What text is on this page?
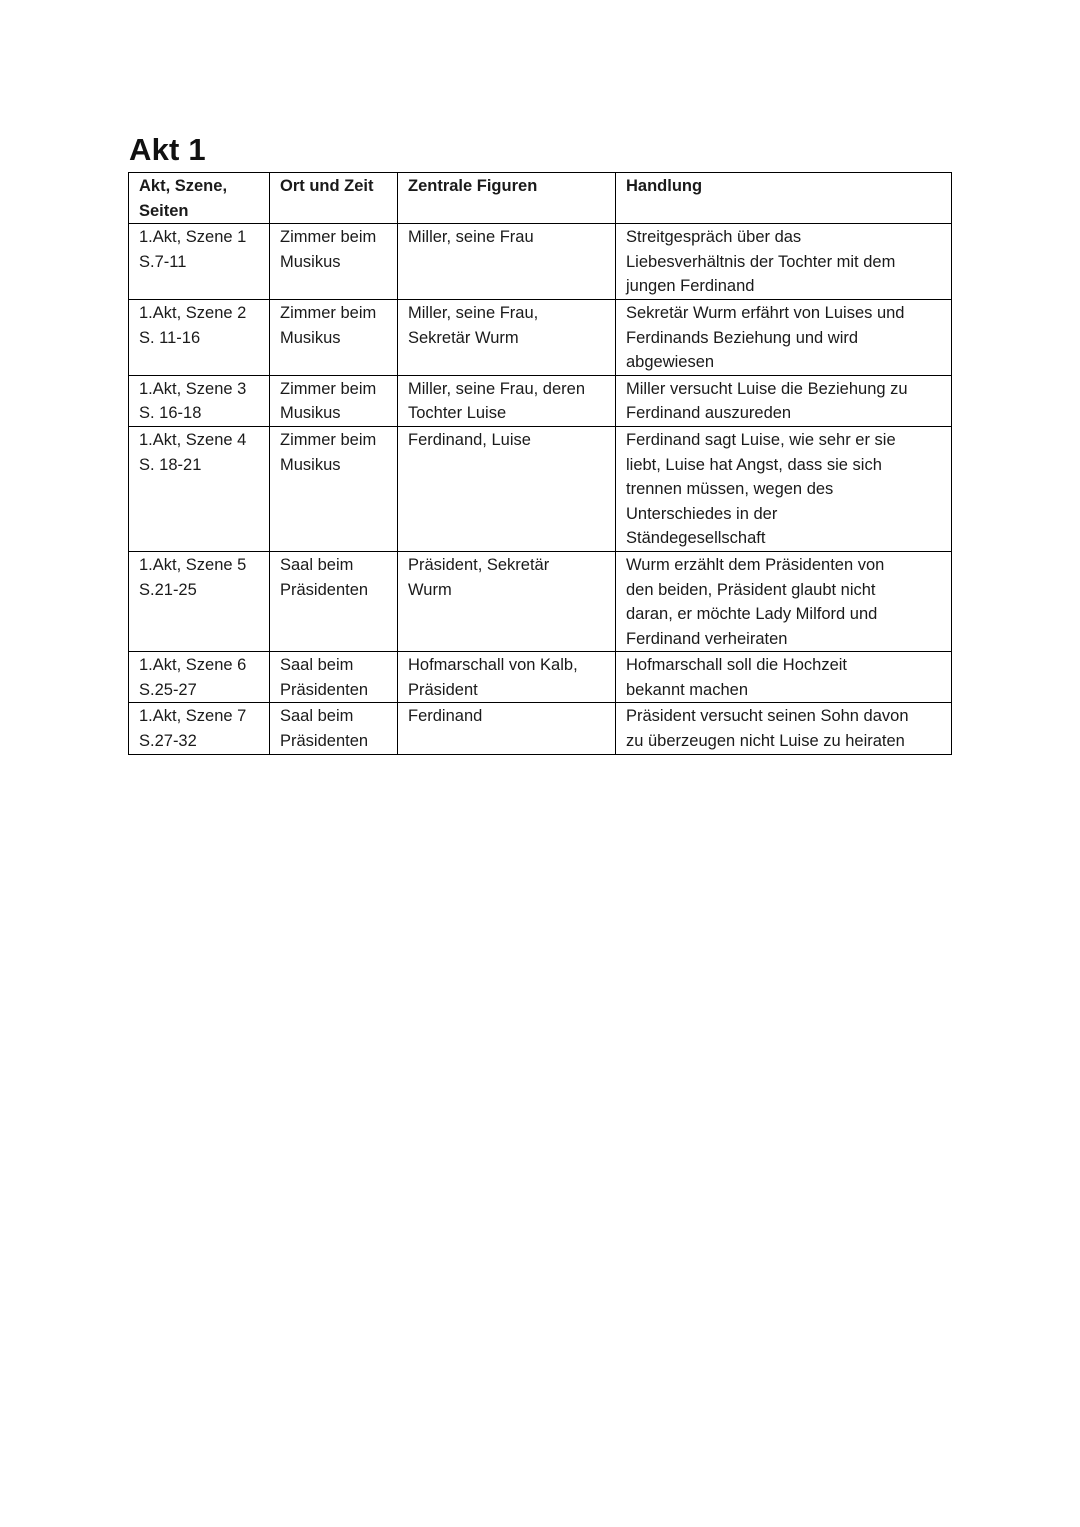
Akt 1
Akt, Szene,
Seiten	Ort und Zeit	Zentrale Figuren	Handlung

1.Akt, Szene 1
S.7-11	Zimmer beim
Musikus	Miller, seine Frau	Streitgespräch über das
Liebesverhältnis der Tochter mit dem
jungen Ferdinand

1.Akt, Szene 2
S. 11-16	Zimmer beim
Musikus	Miller, seine Frau,
Sekretär Wurm	Sekretär Wurm erfährt von Luises und
Ferdinands Beziehung und wird
abgewiesen

1.Akt, Szene 3
S. 16-18	Zimmer beim
Musikus	Miller, seine Frau, deren
Tochter Luise	Miller versucht Luise die Beziehung zu
Ferdinand auszureden

1.Akt, Szene 4
S. 18-21	Zimmer beim
Musikus	Ferdinand, Luise	Ferdinand sagt Luise, wie sehr er sie
liebt, Luise hat Angst, dass sie sich
trennen müssen, wegen des
Unterschiedes in der
Ständegesellschaft

1.Akt, Szene 5
S.21-25	Saal beim
Präsidenten	Präsident, Sekretär
Wurm	Wurm erzählt dem Präsidenten von
den beiden, Präsident glaubt nicht
daran, er möchte Lady Milford und
Ferdinand verheiraten

1.Akt, Szene 6
S.25-27	Saal beim
Präsidenten	Hofmarschall von Kalb,
Präsident	Hofmarschall soll die Hochzeit
bekannt machen

1.Akt, Szene 7
S.27-32	Saal beim
Präsidenten	Ferdinand	Präsident versucht seinen Sohn davon
zu überzeugen nicht Luise zu heiraten
